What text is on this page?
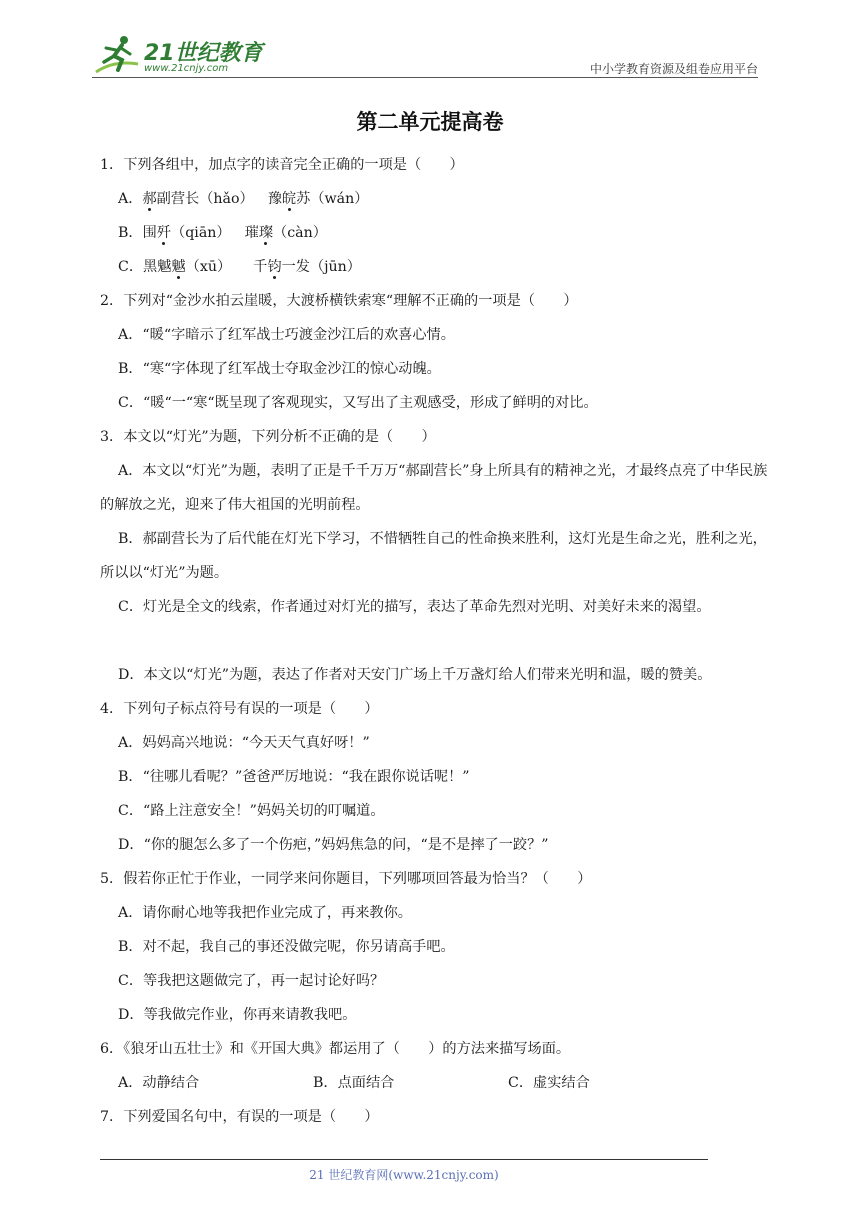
21世纪教育
www.21cnjy.com	中小学教育资源及组卷应用平台
第二单元提高卷
1．下列各组中，加点字的读音完全正确的一项是（　　）
A．郝副营长（hǎo） 豫皖苏（wán）
B．围歼（qiān） 璀璨（càn）
C．黑魆魆（xū） 千钧一发（jūn）
2．下列对“金沙水拍云崖暖，大渡桥横铁索寒“理解不正确的一项是（　　）
A．“暖“字暗示了红军战士巧渡金沙江后的欢喜心情。
B．“寒“字体现了红军战士夺取金沙江的惊心动魄。
C．“暖“一“寒“既呈现了客观现实，又写出了主观感受，形成了鲜明的对比。
3．本文以“灯光”为题，下列分析不正确的是（　　）
A．本文以“灯光”为题，表明了正是千千万万“郝副营长”身上所具有的精神之光，才最终点亮了中华民族的解放之光，迎来了伟大祖国的光明前程。
B．郝副营长为了后代能在灯光下学习，不惜牺牲自己的性命换来胜利，这灯光是生命之光，胜利之光，所以以“灯光”为题。
C．灯光是全文的线索，作者通过对灯光的描写，表达了革命先烈对光明、对美好未来的渴望。
D．本文以“灯光”为题，表达了作者对天安门广场上千万盏灯给人们带来光明和温，暖的赞美。
4．下列句子标点符号有误的一项是（　　）
A．妈妈高兴地说：“今天天气真好呀！”
B．“往哪儿看呢？”爸爸严厉地说：“我在跟你说话呢！”
C．“路上注意安全！”妈妈关切的叮嘱道。
D．“你的腿怎么多了一个伤疤，”妈妈焦急的问，“是不是摔了一跤？”
5．假若你正忙于作业，一同学来问你题目，下列哪项回答最为恰当？（　　）
A．请你耐心地等我把作业完成了，再来教你。
B．对不起，我自己的事还没做完呢，你另请高手吧。
C．等我把这题做完了，再一起讨论好吗？
D．等我做完作业，你再来请教我吧。
6．《狼牙山五壮士》和《开国大典》都运用了（　　）的方法来描写场面。
A．动静结合	B．点面结合	C．虚实结合
7．下列爱国名句中，有误的一项是（　　）
21 世纪教育网(www.21cnjy.com)
